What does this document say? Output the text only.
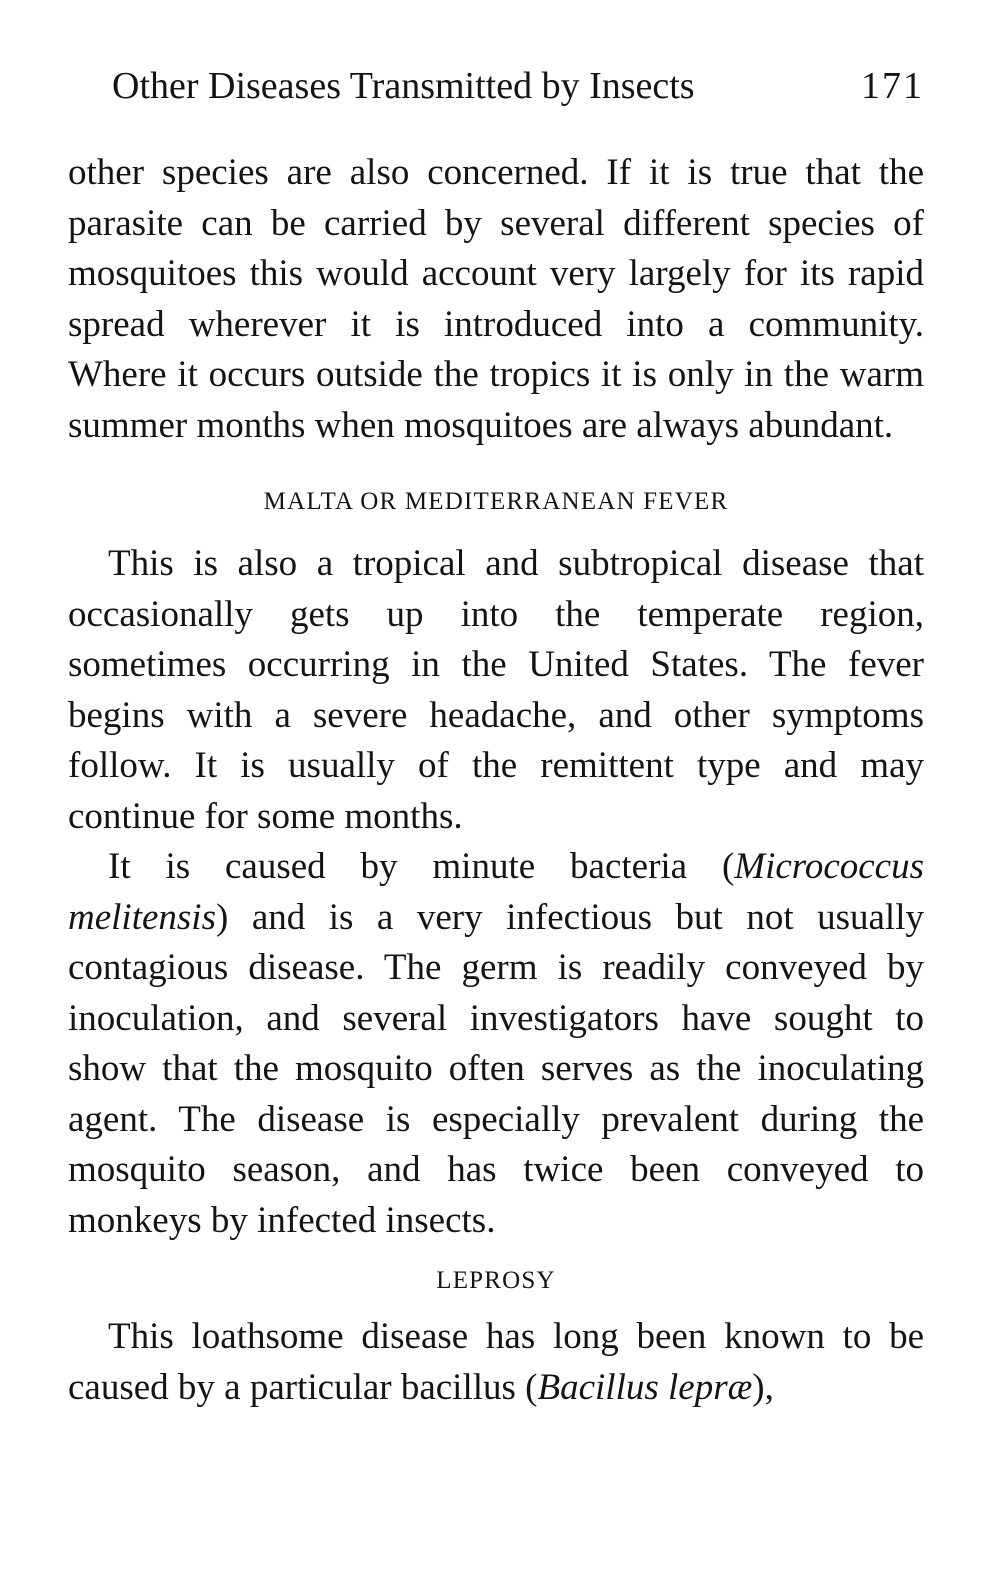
Other Diseases Transmitted by Insects	171

other species are also concerned. If it is true that the parasite can be carried by several different species of mosquitoes this would account very largely for its rapid spread wherever it is introduced into a community. Where it occurs outside the tropics it is only in the warm summer months when mosquitoes are always abundant.

MALTA OR MEDITERRANEAN FEVER

This is also a tropical and subtropical disease that occasionally gets up into the temperate region, sometimes occurring in the United States. The fever begins with a severe headache, and other symptoms follow. It is usually of the remittent type and may continue for some months.

It is caused by minute bacteria (Micrococcus melitensis) and is a very infectious but not usually contagious disease. The germ is readily conveyed by inoculation, and several investigators have sought to show that the mosquito often serves as the inoculating agent. The disease is especially prevalent during the mosquito season, and has twice been conveyed to monkeys by infected insects.

LEPROSY

This loathsome disease has long been known to be caused by a particular bacillus (Bacillus lepræ),
